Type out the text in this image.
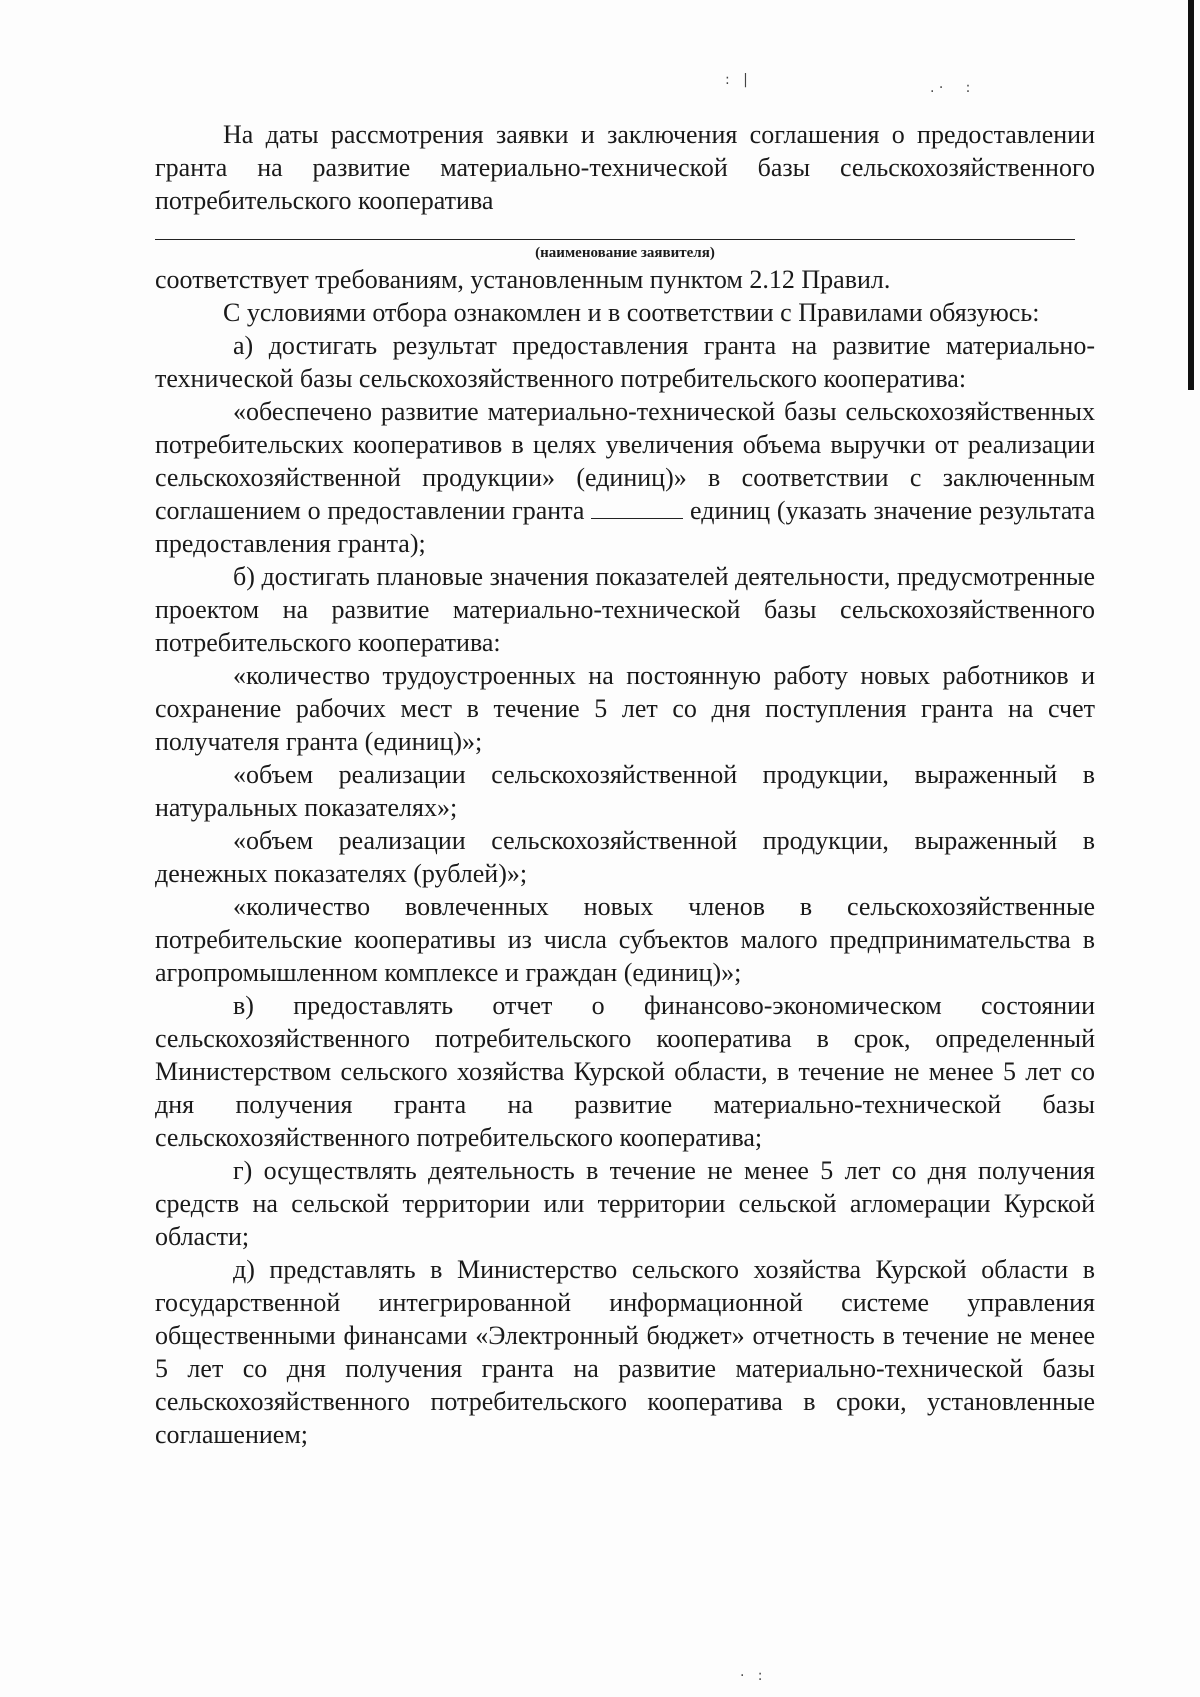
:   |	. ·     :
·   :

На даты рассмотрения заявки и заключения соглашения о предоставлении гранта на развитие материально-технической базы сельскохозяйственного потребительского кооператива

(наименование заявителя)

соответствует требованиям, установленным пунктом 2.12 Правил.

С условиями отбора ознакомлен и в соответствии с Правилами обязуюсь:

а) достигать результат предоставления гранта на развитие материально-технической базы сельскохозяйственного потребительского кооператива:

«обеспечено развитие материально-технической базы сельскохозяйственных потребительских кооперативов в целях увеличения объема выручки от реализации сельскохозяйственной продукции» (единиц)» в соответствии с заключенным соглашением о предоставлении гранта	единиц (указать значение результата предоставления гранта);

б) достигать плановые значения показателей деятельности, предусмотренные проектом на развитие материально-технической базы сельскохозяйственного потребительского кооператива:

«количество трудоустроенных на постоянную работу новых работников и сохранение рабочих мест в течение 5 лет со дня поступления гранта на счет получателя гранта (единиц)»;

«объем реализации сельскохозяйственной продукции, выраженный в натуральных показателях»;

«объем реализации сельскохозяйственной продукции, выраженный в денежных показателях (рублей)»;

«количество вовлеченных новых членов в сельскохозяйственные потребительские кооперативы из числа субъектов малого предпринимательства в агропромышленном комплексе и граждан (единиц)»;

в) предоставлять отчет о финансово-экономическом состоянии сельскохозяйственного потребительского кооператива в срок, определенный Министерством сельского хозяйства Курской области, в течение не менее 5 лет со дня получения гранта на развитие материально-технической базы сельскохозяйственного потребительского кооператива;

г) осуществлять деятельность в течение не менее 5 лет со дня получения средств на сельской территории или территории сельской агломерации Курской области;

д) представлять в Министерство сельского хозяйства Курской области в государственной интегрированной информационной системе управления общественными финансами «Электронный бюджет» отчетность в течение не менее 5 лет со дня получения гранта на развитие материально-технической базы сельскохозяйственного потребительского кооператива в сроки, установленные соглашением;
